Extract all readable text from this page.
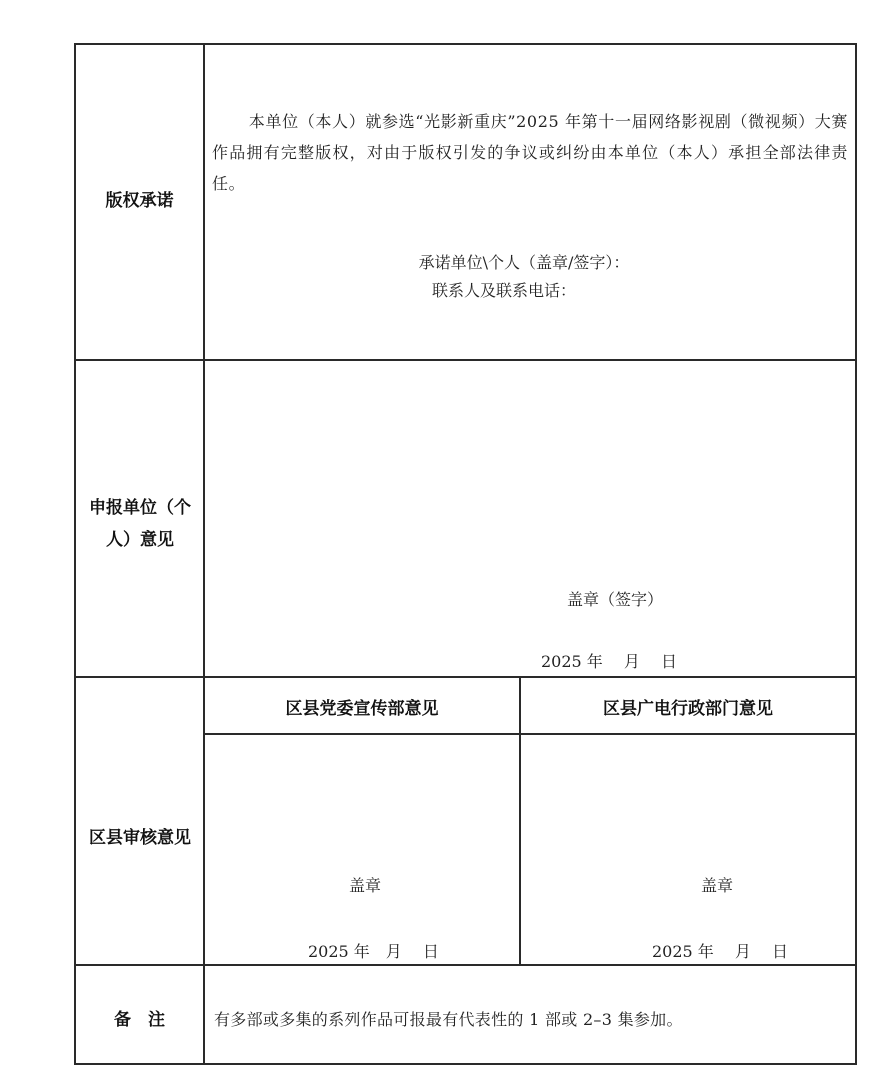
版权承诺
本单位（本人）就参选“光影新重庆”2025 年第十一届网络影视剧（微视频）大赛作品拥有完整版权，对由于版权引发的争议或纠纷由本单位（本人）承担全部法律责任。
承诺单位\个人（盖章/签字）：
联系人及联系电话：
申报单位（个人）意见
盖章（签字）
2025 年　 月　 日
区县审核意见
区县党委宣传部意见	区县广电行政部门意见
盖章	盖章
2025 年　月　 日	2025 年　 月　 日
备　注	有多部或多集的系列作品可报最有代表性的 1 部或 2–3 集参加。
